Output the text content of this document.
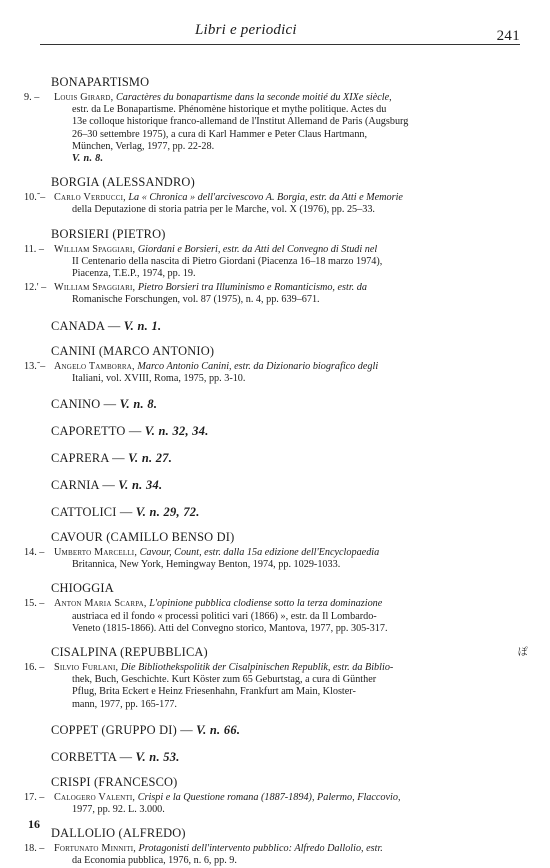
Libri e periodici	241
BONAPARTISMO
9. –	Louis Girard, Caractères du bonapartisme dans la seconde moitié du XIXe siècle,
estr. da Le Bonapartisme. Phénomène historique et mythe politique. Actes du
13e colloque historique franco-allemand de l'Institut Allemand de Paris (Augsburg
26–30 settembre 1975), a cura di Karl Hammer e Peter Claus Hartmann,
München, Verlag, 1977, pp. 22-28.
V. n. 8.
BORGIA (ALESSANDRO)
10.˜– Carlo Verducci, La « Chronica » dell'arcivescovo A. Borgia, estr. da Atti e Memorie
della Deputazione di storia patria per le Marche, vol. X (1976), pp. 25–33.
BORSIERI (PIETRO)
11. – William Spaggiari, Giordani e Borsieri, estr. da Atti del Convegno di Studi nel
II Centenario della nascita di Pietro Giordani (Piacenza 16–18 marzo 1974),
Piacenza, T.E.P., 1974, pp. 19.
12.' – William Spaggiari, Pietro Borsieri tra Illuminismo e Romanticismo, estr. da
Romanische Forschungen, vol. 87 (1975), n. 4, pp. 639–671.
CANADA — V. n. 1.
CANINI (MARCO ANTONIO)
13.˜– Angelo Tamborra, Marco Antonio Canini, estr. da Dizionario biografico degli
Italiani, vol. XVIII, Roma, 1975, pp. 3-10.
CANINO — V. n. 8.
CAPORETTO — V. n. 32, 34.
CAPRERA — V. n. 27.
CARNIA — V. n. 34.
CATTOLICI — V. n. 29, 72.
CAVOUR (CAMILLO BENSO DI)
14. – Umberto Marcelli, Cavour, Count, estr. dalla 15a edizione dell'Encyclopaedia
Britannica, New York, Hemingway Benton, 1974, pp. 1029-1033.
CHIOGGIA
15. – Anton Maria Scarpa, L'opinione pubblica clodiense sotto la terza dominazione
austriaca ed il fondo « processi politici vari (1866) », estr. da Il Lombardo-
Veneto (1815-1866). Atti del Convegno storico, Mantova, 1977, pp. 305-317.
CISALPINA (REPUBBLICA)	ぽ
16. – Silvio Furlani, Die Bibliothekspolitik der Cisalpinischen Republik, estr. da Biblio-
thek, Buch, Geschichte. Kurt Köster zum 65 Geburtstag, a cura di Günther
Pflug, Brita Eckert e Heinz Friesenhahn, Frankfurt am Main, Kloster-
mann, 1977, pp. 165-177.
COPPET (GRUPPO DI) — V. n. 66.
CORBETTA — V. n. 53.
CRISPI (FRANCESCO)
17. – Calogero Valenti, Crispi e la Questione romana (1887-1894), Palermo, Flaccovio,
1977, pp. 92. L. 3.000.
DALLOLIO (ALFREDO)
18. – Fortunato Minniti, Protagonisti dell'intervento pubblico: Alfredo Dallolio, estr.
da Economia pubblica, 1976, n. 6, pp. 9.
16
